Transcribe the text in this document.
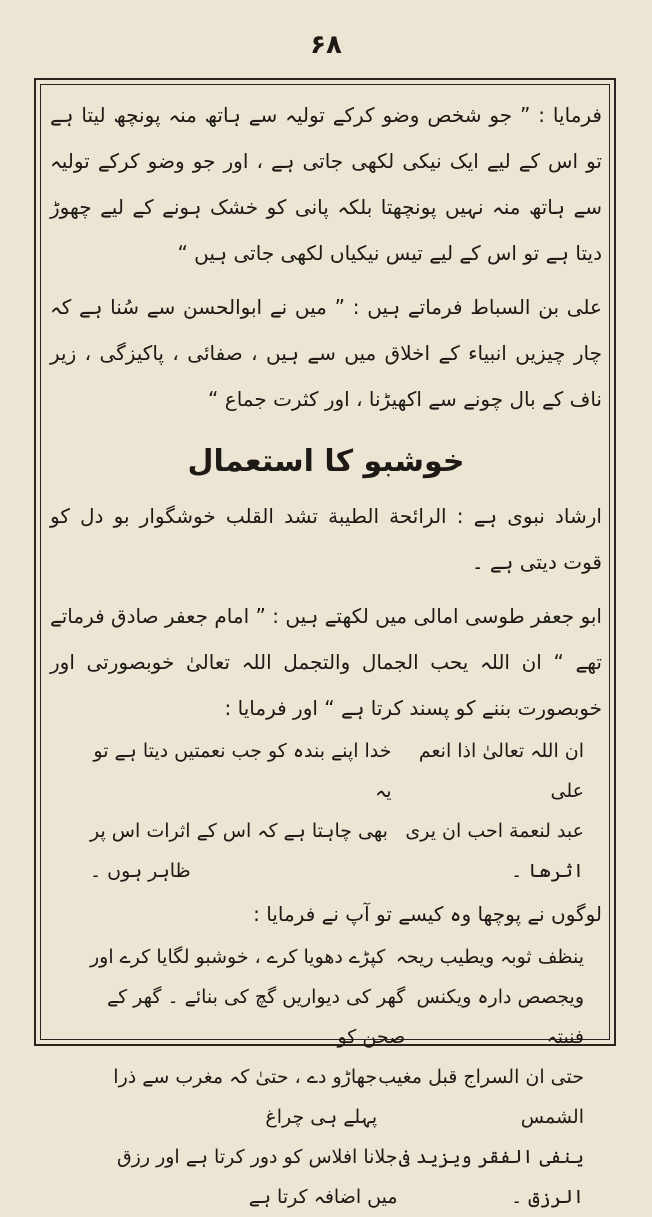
۶۸

فرمایا : ” جو شخص وضو کرکے تولیہ سے ہاتھ منہ پونچھ لیتا ہے تو اس کے لیے ایک نیکی لکھی جاتی ہے ، اور جو وضو کرکے تولیہ سے ہاتھ منہ نہیں پونچھتا بلکہ پانی کو خشک ہونے کے لیے چھوڑ دیتا ہے تو اس کے لیے تیس نیکیاں لکھی جاتی ہیں “

علی بن السباط فرماتے ہیں : ” میں نے ابوالحسن سے سُنا ہے کہ چار چیزیں انبیاء کے اخلاق میں سے ہیں ، صفائی ، پاکیزگی ، زیر ناف کے بال چونے سے اکھیڑنا ، اور کثرت جماع “

خوشبو کا استعمال

ارشاد نبوی ہے : الرائحة الطیبة تشد القلب خوشگوار بو دل کو قوت دیتی ہے ۔

ابو جعفر طوسی امالی میں لکھتے ہیں : ” امام جعفر صادق فرماتے تھے “ ان اللہ یحب الجمال والتجمل اللہ تعالیٰ خوبصورتی اور خوبصورت بننے کو پسند کرتا ہے “ اور فرمایا :

ان اللہ تعالیٰ اذا انعم علی
خدا اپنے بندہ کو جب نعمتیں دیتا ہے تو یہ
عبد لنعمة احب ان یری
بھی چاہتا ہے کہ اس کے اثرات اس پر
اثرھا ۔
ظاہر ہوں ۔

لوگوں نے پوچھا وہ کیسے تو آپ نے فرمایا :

ینظف ثوبہ ویطیب ریحہ
کپڑے دھویا کرے ، خوشبو لگایا کرے اور
ویجصص دارہ ویکنس فنیتہ
گھر کی دیواریں گچ کی بنائے ۔ گھر کے صحن کو
حتی ان السراج قبل مغیب الشمس
جھاڑو دے ، حتیٰ کہ مغرب سے ذرا پہلے ہی چراغ
ینفی الفقر ویزید فی الرزق ۔
جلانا افلاس کو دور کرتا ہے اور رزق میں اضافہ کرتا ہے
